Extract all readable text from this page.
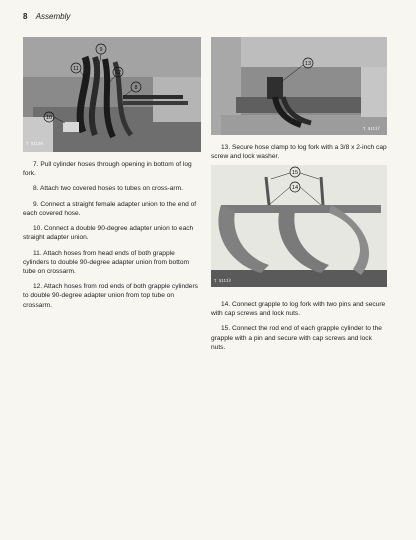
8 Assembly
9
11
12
8
10
T 51120
13
T 51117
15
14
T 51113

7. Pull cylinder hoses through opening in bottom of log fork.

8. Attach two covered hoses to tubes on cross-arm.

9. Connect a straight female adapter union to the end of each covered hose.

10. Connect a double 90-degree adapter union to each straight adapter union.

11. Attach hoses from head ends of both grapple cylinders to double 90-degree adapter union from bottom tube on crossarm.

12. Attach hoses from rod ends of both grapple cylinders to double 90-degree adapter union from top tube on crossarm.

13. Secure hose clamp to log fork with a 3/8 x 2-inch cap screw and lock washer.

14. Connect grapple to log fork with two pins and secure with cap screws and lock nuts.

15. Connect the rod end of each grapple cylinder to the grapple with a pin and secure with cap screws and lock nuts.
